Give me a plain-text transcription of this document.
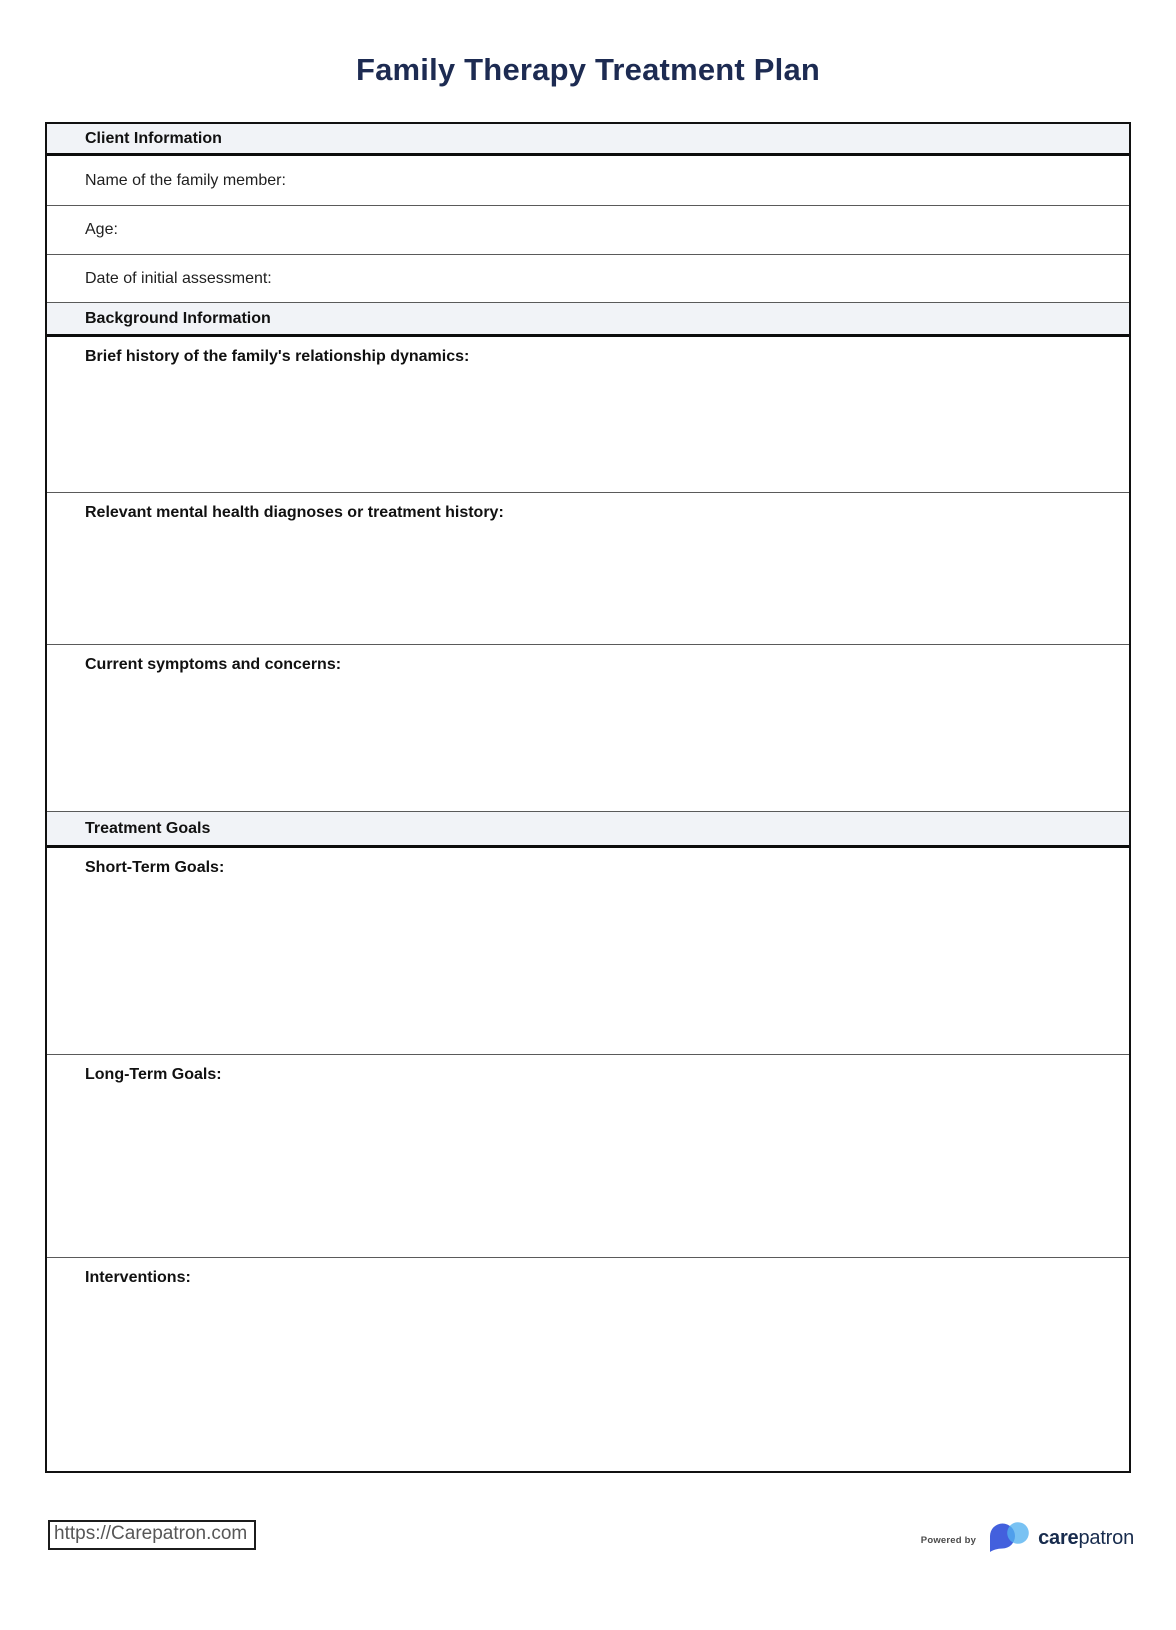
Family Therapy Treatment Plan
Client Information
Name of the family member:
Age:
Date of initial assessment:
Background Information
Brief history of the family's relationship dynamics:
Relevant mental health diagnoses or treatment history:
Current symptoms and concerns:
Treatment Goals
Short-Term Goals:
Long-Term Goals:
Interventions:
https://Carepatron.com	Powered by	carepatron
